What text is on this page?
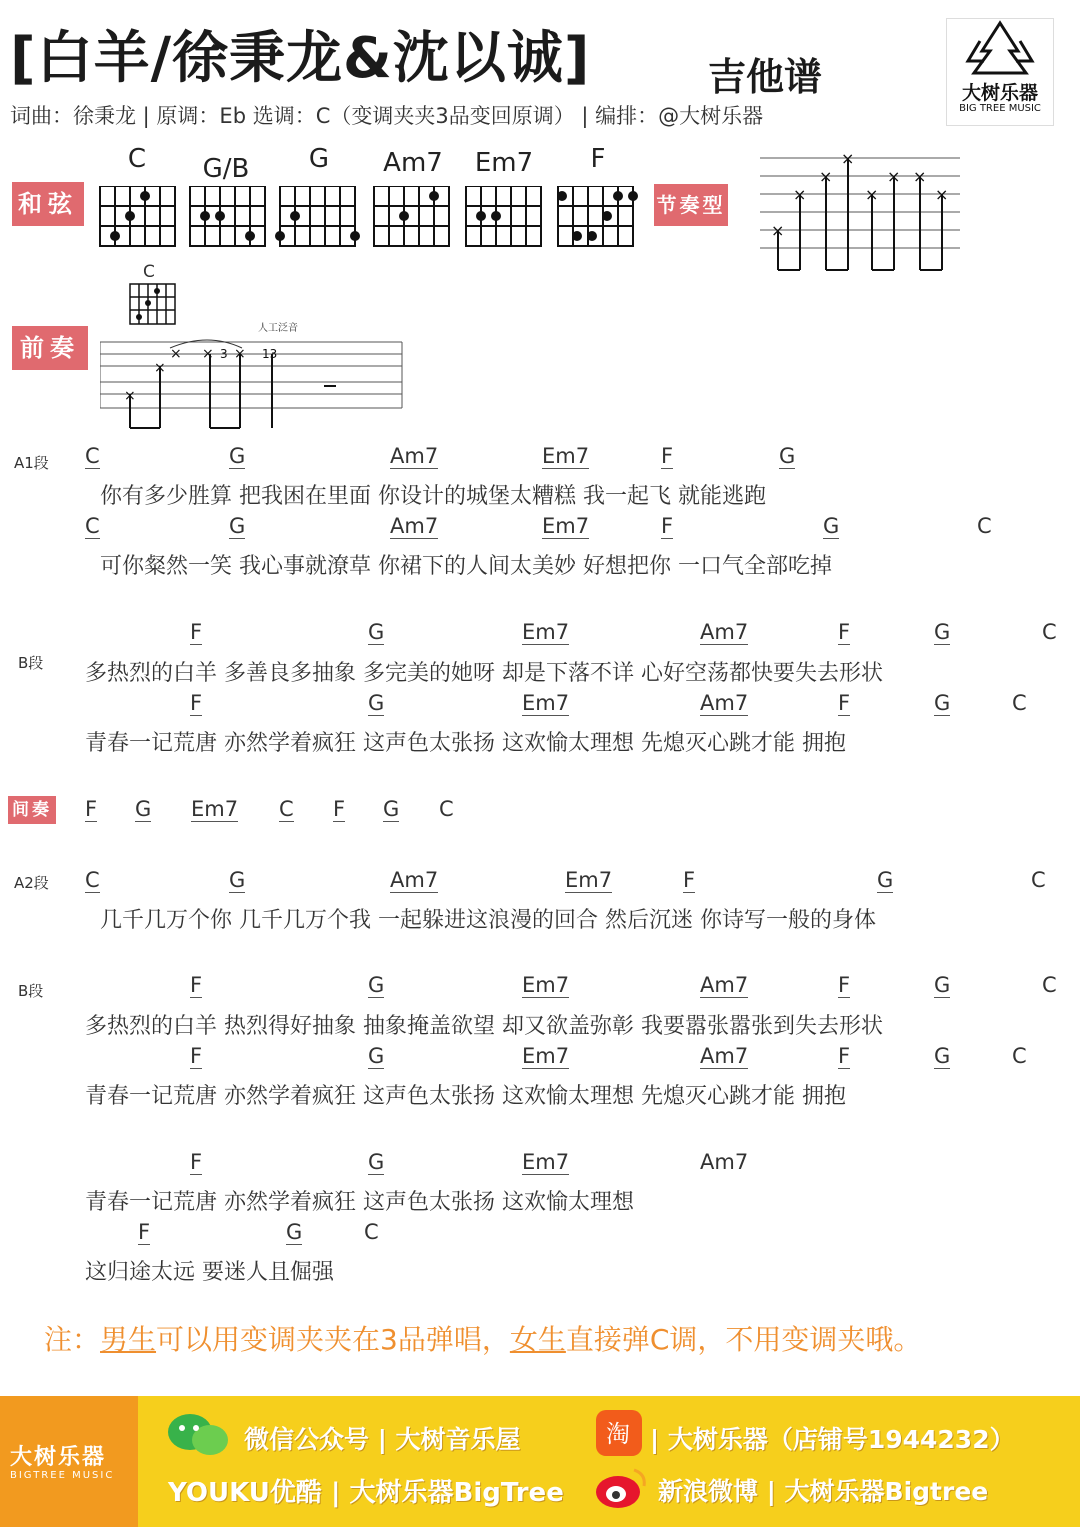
[白羊/徐秉龙&沈以诚]	吉他谱
词曲：徐秉龙 | 原调：Eb 选调：C（变调夹夹3品变回原调） | 编排：@大树乐器
大树乐器
BIG TREE MUSIC
和弦	节奏型
前奏
间奏
C	G/B	G	Am7	Em7	F
×
×
×
×
×
× ×
×
C
人工泛音
×
×
× × ×
3	13
A1段
B段
A2段
B段
C	G	Am7	Em7	F	G
你有多少胜算 把我困在里面 你设计的城堡太糟糕 我一起飞 就能逃跑
C	G	Am7	Em7	F	G	C
可你粲然一笑 我心事就潦草 你裙下的人间太美妙 好想把你 一口气全部吃掉
F	G	Em7	Am7	F	G	C
多热烈的白羊 多善良多抽象 多完美的她呀 却是下落不详 心好空荡都快要失去形状
F	G	Em7	Am7	F	G	C
青春一记荒唐 亦然学着疯狂 这声色太张扬 这欢愉太理想 先熄灭心跳才能 拥抱
F G Em7 C F G C
C	G	Am7	Em7	F	G	C
几千几万个你 几千几万个我 一起躲进这浪漫的回合 然后沉迷 你诗写一般的身体
F	G	Em7	Am7	F	G	C
多热烈的白羊 热烈得好抽象 抽象掩盖欲望 却又欲盖弥彰 我要嚣张嚣张到失去形状
F	G	Em7	Am7	F	G	C
青春一记荒唐 亦然学着疯狂 这声色太张扬 这欢愉太理想 先熄灭心跳才能 拥抱
F	G	Em7	Am7
青春一记荒唐 亦然学着疯狂 这声色太张扬 这欢愉太理想
F	G	C
这归途太远 要迷人且倔强
注：男生可以用变调夹夹在3品弹唱，女生直接弹C调，不用变调夹哦。
大树乐器
BIGTREE MUSIC
微信公众号 | 大树音乐屋	淘 | 大树乐器（店铺号1944232）
YOUKU优酷 | 大树乐器BigTree	新浪微博 | 大树乐器Bigtree
